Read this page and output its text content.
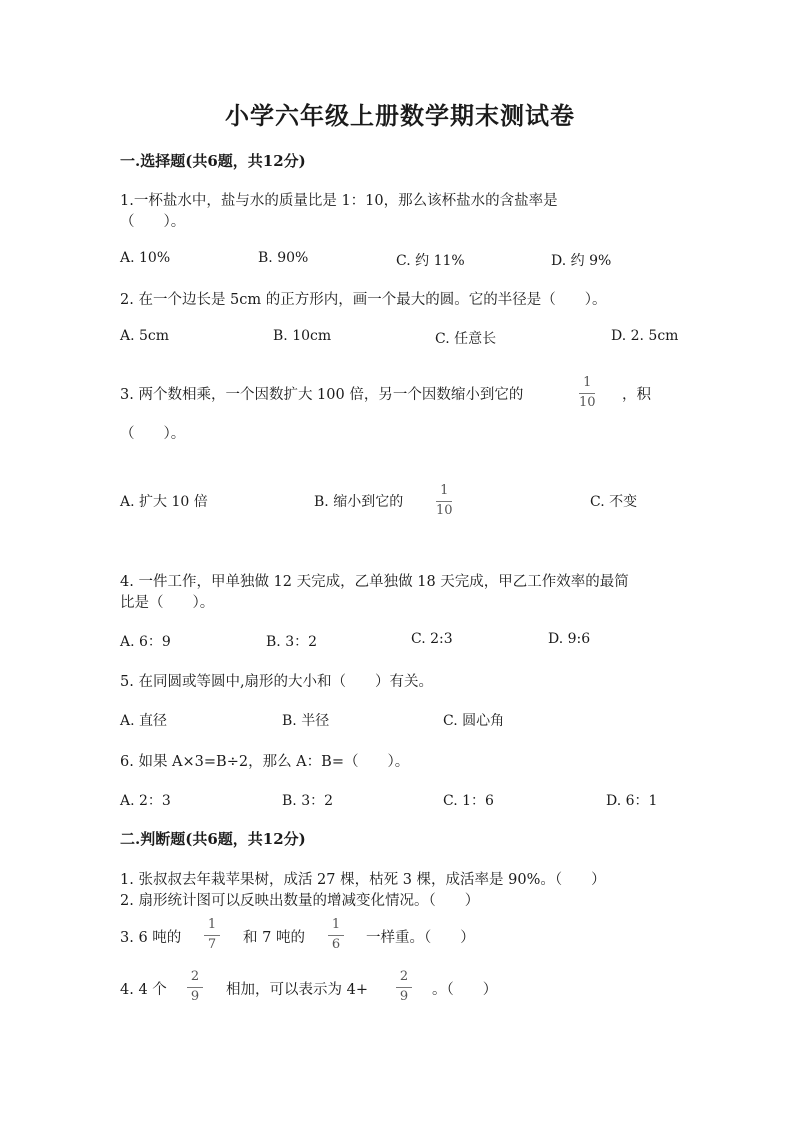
小学六年级上册数学期末测试卷
一.选择题(共6题，共12分)
1.一杯盐水中，盐与水的质量比是 1：10，那么该杯盐水的含盐率是
（　　）。
A. 10%	B. 90%	C. 约 11%	D. 约 9%
2. 在一个边长是 5cm 的正方形内，画一个最大的圆。它的半径是（　　）。
A. 5cm	B. 10cm	C. 任意长	D. 2. 5cm
3. 两个数相乘，一个因数扩大 100 倍，另一个因数缩小到它的
1
10 ，积
（　　）。
A. 扩大 10 倍	B. 缩小到它的
1
10
C. 不变
4. 一件工作，甲单独做 12 天完成，乙单独做 18 天完成，甲乙工作效率的最简
比是（　　）。
A. 6：9	B. 3：2	C. 2:3	D. 9:6
5. 在同圆或等圆中,扇形的大小和（　　）有关。
A. 直径	B. 半径	C. 圆心角
6. 如果 A×3=B÷2，那么 A：B=（　　）。
A. 2：3	B. 3：2	C. 1：6	D. 6：1
二.判断题(共6题，共12分)
1. 张叔叔去年栽苹果树，成活 27 棵，枯死 3 棵，成活率是 90%。（　　）
2. 扇形统计图可以反映出数量的增减变化情况。（　　）
3. 6 吨的
1
7 和 7 吨的
1
6 一样重。（　　）
4. 4 个
2
9 相加，可以表示为 4+
2
9 。（　　）
